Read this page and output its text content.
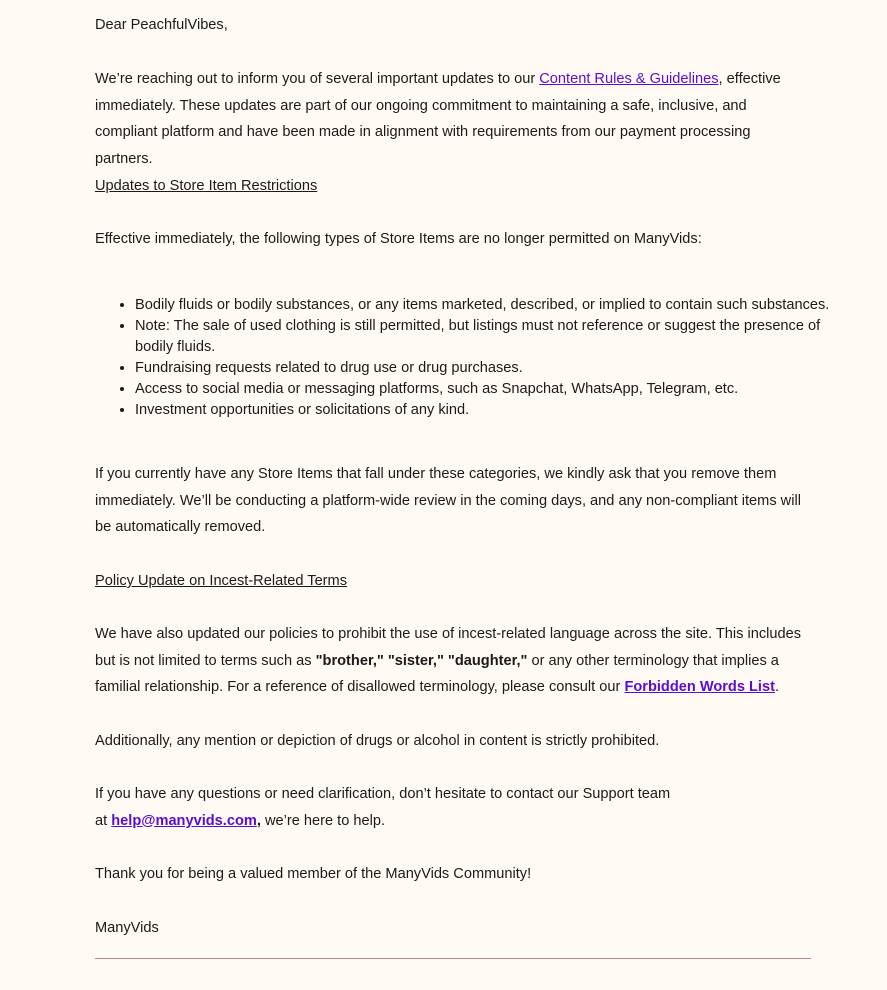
Dear PeachfulVibes,

We’re reaching out to inform you of several important updates to our Content Rules & Guidelines, effective immediately. These updates are part of our ongoing commitment to maintaining a safe, inclusive, and compliant platform and have been made in alignment with requirements from our payment processing partners.

Updates to Store Item Restrictions

Effective immediately, the following types of Store Items are no longer permitted on ManyVids:

• Bodily fluids or bodily substances, or any items marketed, described, or implied to contain such substances.
• Note: The sale of used clothing is still permitted, but listings must not reference or suggest the presence of bodily fluids.
• Fundraising requests related to drug use or drug purchases.
• Access to social media or messaging platforms, such as Snapchat, WhatsApp, Telegram, etc.
• Investment opportunities or solicitations of any kind.

If you currently have any Store Items that fall under these categories, we kindly ask that you remove them immediately. We’ll be conducting a platform-wide review in the coming days, and any non-compliant items will be automatically removed.

Policy Update on Incest-Related Terms

We have also updated our policies to prohibit the use of incest-related language across the site. This includes but is not limited to terms such as "brother," "sister," "daughter," or any other terminology that implies a familial relationship. For a reference of disallowed terminology, please consult our Forbidden Words List.

Additionally, any mention or depiction of drugs or alcohol in content is strictly prohibited.

If you have any questions or need clarification, don’t hesitate to contact our Support team
at help@manyvids.com, we’re here to help.

Thank you for being a valued member of the ManyVids Community!

ManyVids
